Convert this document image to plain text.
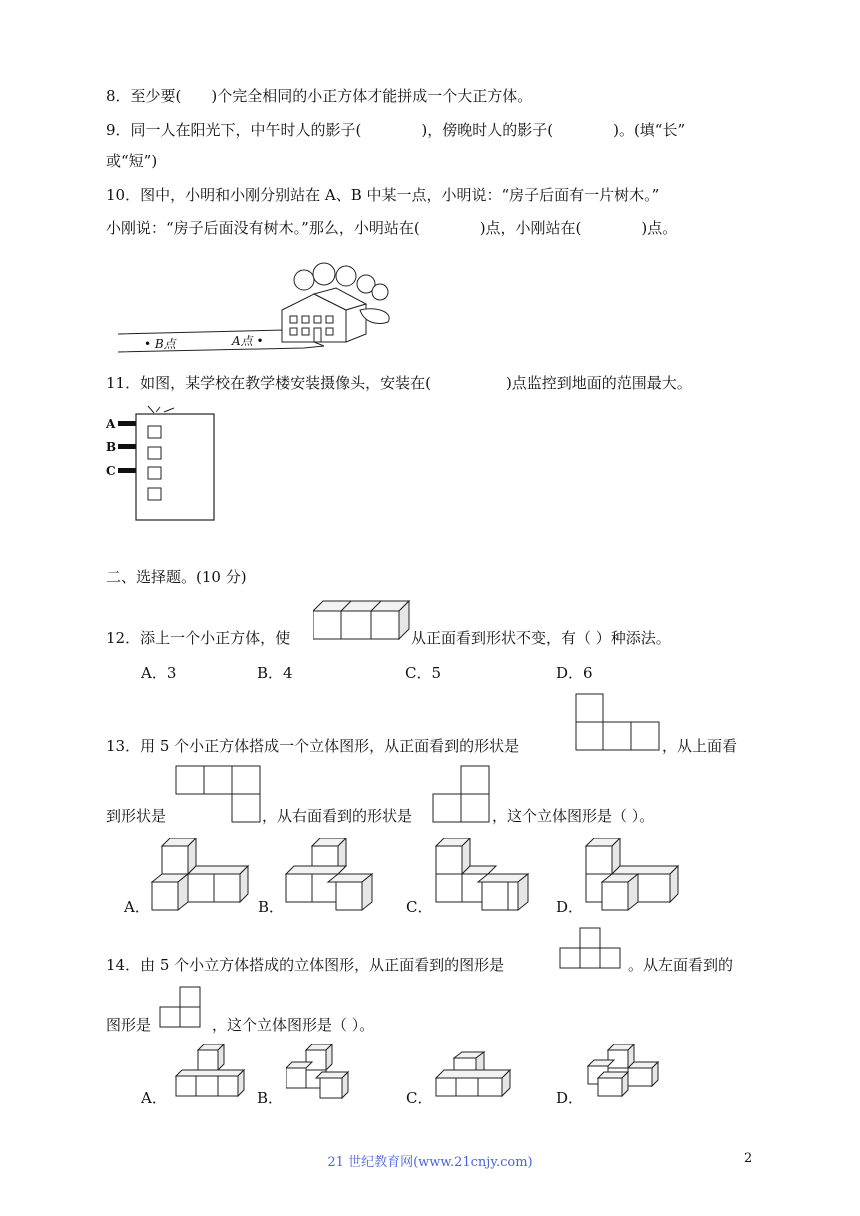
8．至少要(　　)个完全相同的小正方体才能拼成一个大正方体。
9．同一人在阳光下，中午时人的影子(　　　　)，傍晚时人的影子(　　　　)。(填“长”
或“短”)
10．图中，小明和小刚分别站在 A、B 中某一点，小明说：“房子后面有一片树木。”
小刚说：“房子后面没有树木。”那么，小明站在(　　　　)点，小刚站在(　　　　)点。
• B点	A点 •
11．如图，某学校在教学楼安装摄像头，安装在(　　　　　)点监控到地面的范围最大。
A
B
C
二、选择题。(10 分)
12．添上一个小正方体，使	从正面看到形状不变，有（ ）种添法。
A．3	B．4	C．5	D．6
13．用 5 个小正方体搭成一个立体图形，从正面看到的形状是	，从上面看
到形状是	，从右面看到的形状是	，这个立体图形是（ ）。
A．	B．	C．	D．
14．由 5 个小立方体搭成的立体图形，从正面看到的图形是	。从左面看到的
图形是	，这个立体图形是（ ）。
A．	B．	C．	D．
21 世纪教育网(www.21cnjy.com)	2
